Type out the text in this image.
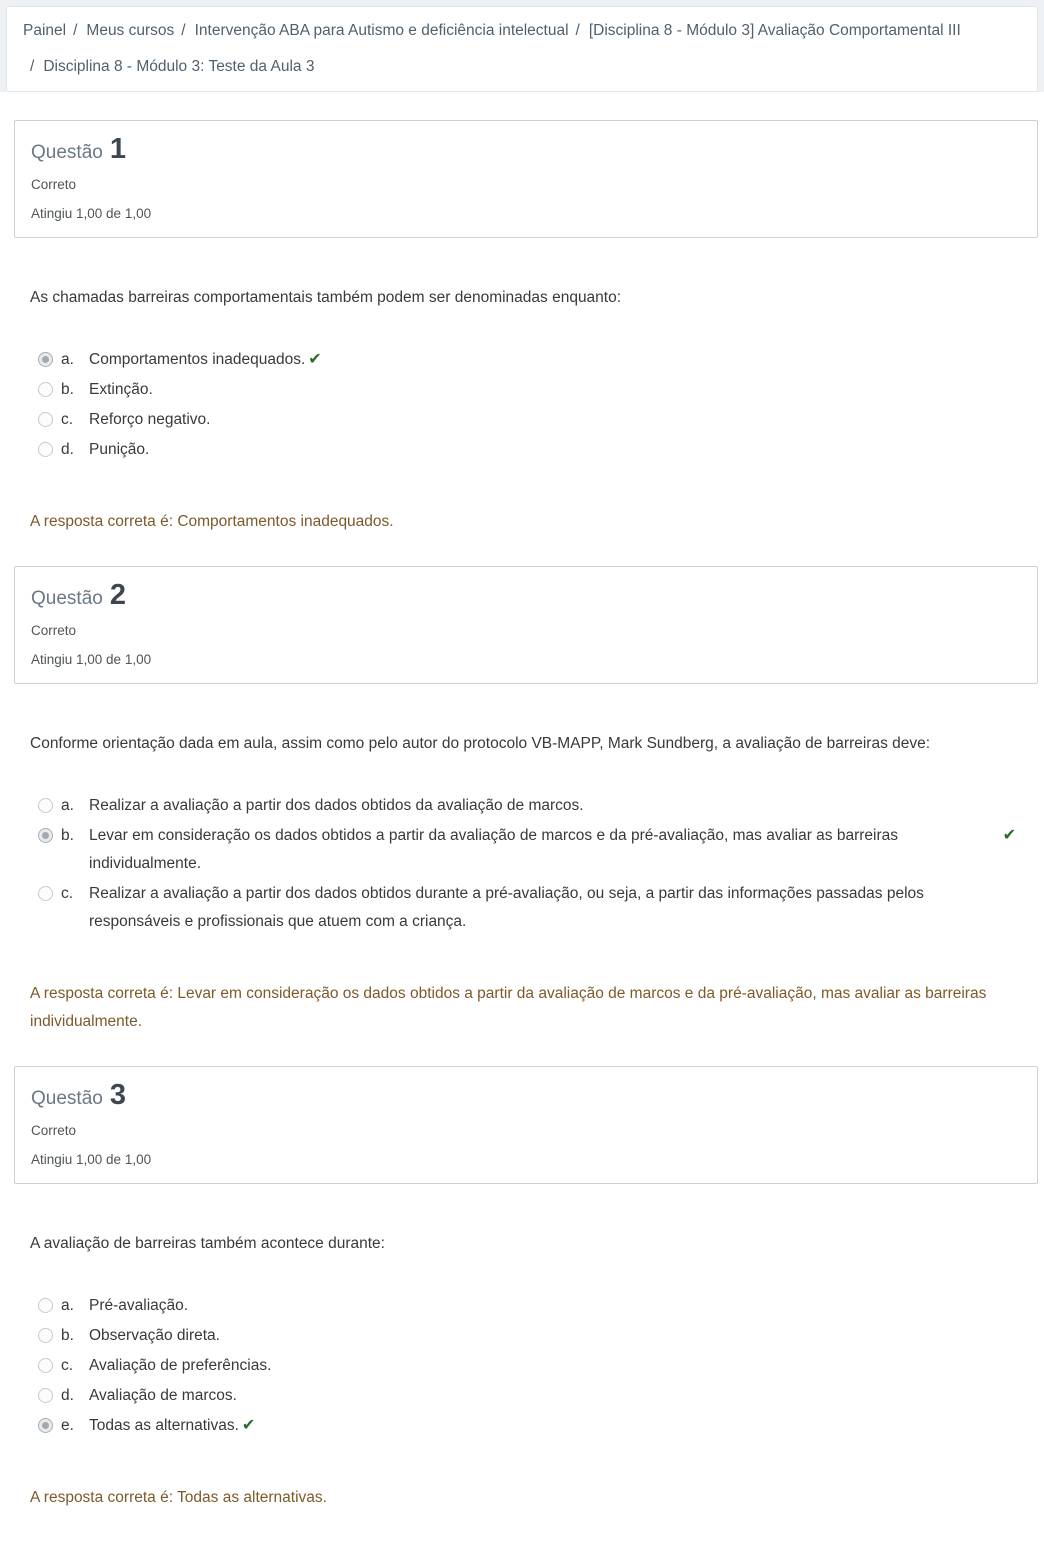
Painel / Meus cursos / Intervenção ABA para Autismo e deficiência intelectual / [Disciplina 8 - Módulo 3] Avaliação Comportamental III/ Disciplina 8 - Módulo 3: Teste da Aula 3
Questão 1
Correto
Atingiu 1,00 de 1,00

As chamadas barreiras comportamentais também podem ser denominadas enquanto:

a. Comportamentos inadequados. ✔
b. Extinção.
c.	Reforço negativo.
d. Punição.
A resposta correta é: Comportamentos inadequados.
Questão 2
Correto
Atingiu 1,00 de 1,00

Conforme orientação dada em aula, assim como pelo autor do protocolo VB-MAPP, Mark Sundberg, a avaliação de barreiras deve:

a. Realizar a avaliação a partir dos dados obtidos da avaliação de marcos.
b. Levar em consideração os dados obtidos a partir da avaliação de marcos e da pré-avaliação, mas avaliar as barreiras individualmente.
✔
c.	Realizar a avaliação a partir dos dados obtidos durante a pré-avaliação, ou seja, a partir das informações passadas pelos responsáveis e profissionais que atuem com a criança.
A resposta correta é: Levar em consideração os dados obtidos a partir da avaliação de marcos e da pré-avaliação, mas avaliar as barreiras individualmente.
Questão 3
Correto
Atingiu 1,00 de 1,00

A avaliação de barreiras também acontece durante:

a. Pré-avaliação.
b. Observação direta.
c.	Avaliação de preferências.
d. Avaliação de marcos.
e. Todas as alternativas. ✔
A resposta correta é: Todas as alternativas.
